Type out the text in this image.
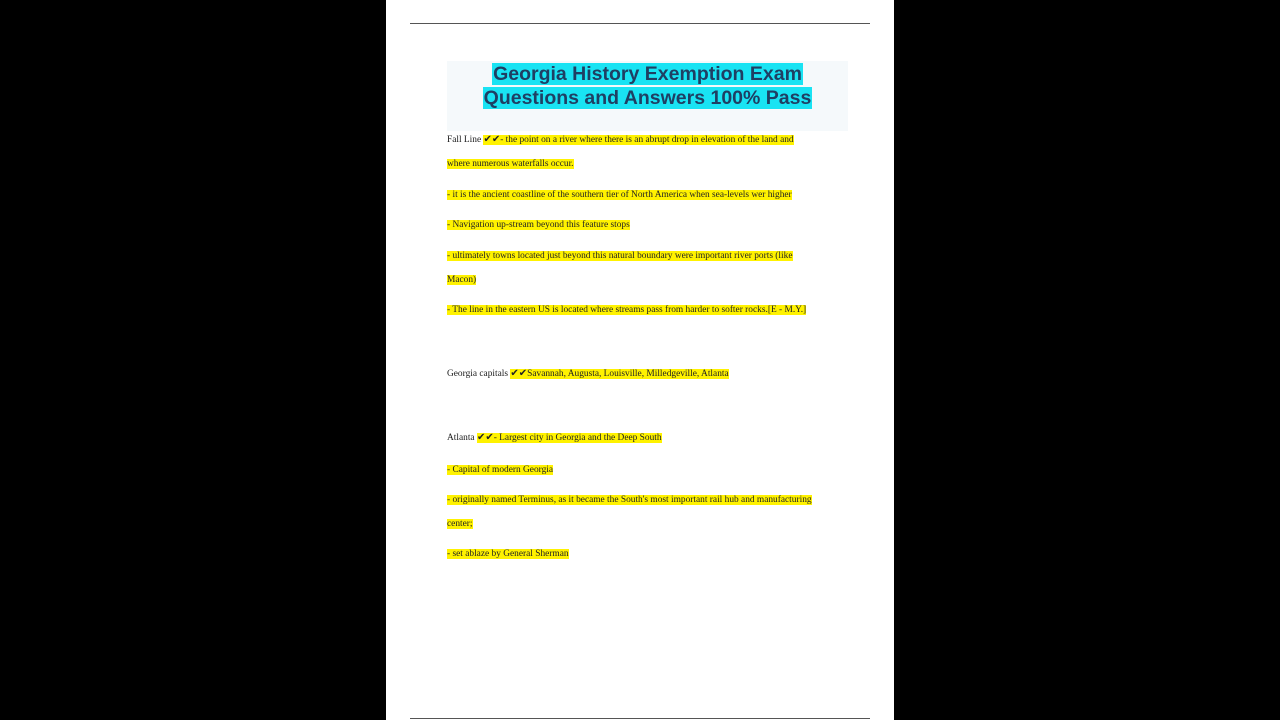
Georgia History Exemption Exam
Questions and Answers 100% Pass
Fall Line ✔✔- the point on a river where there is an abrupt drop in elevation of the land and
where numerous waterfalls occur.
- it is the ancient coastline of the southern tier of North America when sea-levels wer higher
- Navigation up-stream beyond this feature stops
- ultimately towns located just beyond this natural boundary were important river ports (like
Macon)
- The line in the eastern US is located where streams pass from harder to softer rocks.[E - M.Y.]
Georgia capitals ✔✔Savannah, Augusta, Louisville, Milledgeville, Atlanta
Atlanta ✔✔- Largest city in Georgia and the Deep South
- Capital of modern Georgia
- originally named Terminus, as it became the South's most important rail hub and manufacturing
center;
- set ablaze by General Sherman
